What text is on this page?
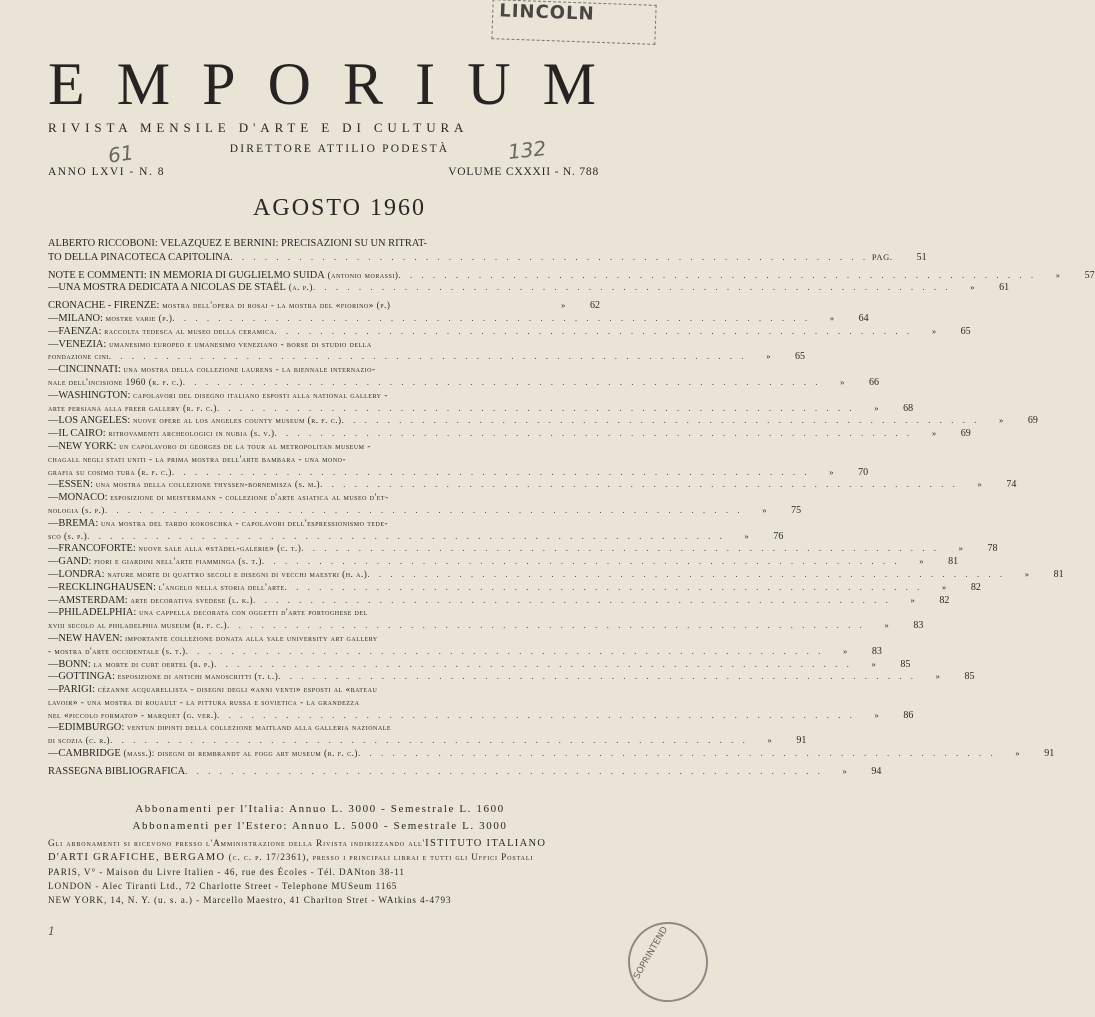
LINCOLN
E M P O R I U M
RIVISTA MENSILE D'ARTE E DI CULTURA
DIRETTORE ATTILIO PODESTÀ
ANNO LXVI - N. 8	VOLUME CXXXII - N. 788
61	132
AGOSTO 1960
ALBERTO RICCOBONI: VELAZQUEZ E BERNINI: PRECISAZIONI SU UN RITRAT-
TO DELLA PINACOTECA CAPITOLINA . . . . . . . . . . . . . . . . . . . . . . . . . . . . . . . . . . . . . . . . . . . . . . . . . . . . . . . . PAG.	51
NOTE E COMMENTI: IN MEMORIA DI GUGLIELMO SUIDA (antonio morassi) . . . . . . . . . . . . . . . . . . . . . . . . . . . . . . . . . . . . . . . . . . . . . . . . . . . . . . . .	»	57
—UNA MOSTRA DEDICATA A NICOLAS DE STAËL (a. p.) . . . . . . . . . . . . . . . . . . . . . . . . . . . . . . . . . . . . . . . . . . . . . . . . . . . . . . . .	»	61
CRONACHE - FIRENZE: mostra dell'opera di rosai - la mostra del «fiorino» (p.)	»	62
—MILANO: mostre varie (p.) . . . . . . . . . . . . . . . . . . . . . . . . . . . . . . . . . . . . . . . . . . . . . . . . . . . . . . . .	»	64
—FAENZA: raccolta tedesca al museo della ceramica . . . . . . . . . . . . . . . . . . . . . . . . . . . . . . . . . . . . . . . . . . . . . . . . . . . . . . . .	»	65
—VENEZIA: umanesimo europeo e umanesimo veneziano - borse di studio della
fondazione cini . . . . . . . . . . . . . . . . . . . . . . . . . . . . . . . . . . . . . . . . . . . . . . . . . . . . . . . .	»	65
—CINCINNATI: una mostra della collezione laurens - la biennale internazio-
nale dell'incisione 1960 (r. f. c.) . . . . . . . . . . . . . . . . . . . . . . . . . . . . . . . . . . . . . . . . . . . . . . . . . . . . . . . .	»	66
—WASHINGTON: capolavori del disegno italiano esposti alla national gallery -
arte persiana alla freer gallery (r. f. c.) . . . . . . . . . . . . . . . . . . . . . . . . . . . . . . . . . . . . . . . . . . . . . . . . . . . . . . . .	»	68
—LOS ANGELES: nuove opere al los angeles county museum (r. f. c.) . . . . . . . . . . . . . . . . . . . . . . . . . . . . . . . . . . . . . . . . . . . . . . . . . . . . . . . .	»	69
—IL CAIRO: ritrovamenti archeologici in nubia (s. v.) . . . . . . . . . . . . . . . . . . . . . . . . . . . . . . . . . . . . . . . . . . . . . . . . . . . . . . . .	»	69
—NEW YORK: un capolavoro di georges de la tour al metropolitan museum -
chagall negli stati uniti - la prima mostra dell'arte bambara - una mono-
grafia su cosimo tura (r. f. c.) . . . . . . . . . . . . . . . . . . . . . . . . . . . . . . . . . . . . . . . . . . . . . . . . . . . . . . . .	»	70
—ESSEN: una mostra della collezione thyssen-bornemisza (s. m.) . . . . . . . . . . . . . . . . . . . . . . . . . . . . . . . . . . . . . . . . . . . . . . . . . . . . . . . .	»	74
—MONACO: esposizione di meistermann - collezione d'arte asiatica al museo d'et-
nologia (s. p.) . . . . . . . . . . . . . . . . . . . . . . . . . . . . . . . . . . . . . . . . . . . . . . . . . . . . . . . .	»	75
—BREMA: una mostra del tardo kokoschka - capolavori dell'espressionismo tede-
sco (s. p.) . . . . . . . . . . . . . . . . . . . . . . . . . . . . . . . . . . . . . . . . . . . . . . . . . . . . . . . .	»	76
—FRANCOFORTE: nuove sale alla «städel-galerie» (c. t.) . . . . . . . . . . . . . . . . . . . . . . . . . . . . . . . . . . . . . . . . . . . . . . . . . . . . . . . .	»	78
—GAND: fiori e giardini nell'arte fiamminga (s. t.) . . . . . . . . . . . . . . . . . . . . . . . . . . . . . . . . . . . . . . . . . . . . . . . . . . . . . . . .	»	81
—LONDRA: nature morte di quattro secoli e disegni di vecchi maestri (h. a.) . . . . . . . . . . . . . . . . . . . . . . . . . . . . . . . . . . . . . . . . . . . . . . . . . . . . . . . .	»	81
—RECKLINGHAUSEN: l'angelo nella storia dell'arte . . . . . . . . . . . . . . . . . . . . . . . . . . . . . . . . . . . . . . . . . . . . . . . . . . . . . . . .	»	82
—AMSTERDAM: arte decorativa svedese (l. k.) . . . . . . . . . . . . . . . . . . . . . . . . . . . . . . . . . . . . . . . . . . . . . . . . . . . . . . . .	»	82
—PHILADELPHIA: una cappella decorata con oggetti d'arte portoghese del
xviii secolo al philadelphia museum (r. f. c.) . . . . . . . . . . . . . . . . . . . . . . . . . . . . . . . . . . . . . . . . . . . . . . . . . . . . . . . .	»	83
—NEW HAVEN: importante collezione donata alla yale university art gallery
- mostra d'arte occidentale (s. t.) . . . . . . . . . . . . . . . . . . . . . . . . . . . . . . . . . . . . . . . . . . . . . . . . . . . . . . . .	»	83
—BONN: la morte di curt oertel (r. p.) . . . . . . . . . . . . . . . . . . . . . . . . . . . . . . . . . . . . . . . . . . . . . . . . . . . . . . . .	»	85
—GOTTINGA: esposizione di antichi manoscritti (t. l.) . . . . . . . . . . . . . . . . . . . . . . . . . . . . . . . . . . . . . . . . . . . . . . . . . . . . . . . .	»	85
—PARIGI: cézanne acquarellista - disegni degli «anni venti» esposti al «bateau
lavoir» - una mostra di rouault - la pittura russa e sovietica - la grandezza
nel «piccolo formato» - marquet (g. ver.) . . . . . . . . . . . . . . . . . . . . . . . . . . . . . . . . . . . . . . . . . . . . . . . . . . . . . . . .	»	86
—EDIMBURGO: ventun dipinti della collezione maitland alla galleria nazionale
di scozia (c. r.) . . . . . . . . . . . . . . . . . . . . . . . . . . . . . . . . . . . . . . . . . . . . . . . . . . . . . . . .	»	91
—CAMBRIDGE (mass.): disegni di rembrandt al fogg art museum (r. f. c.) . . . . . . . . . . . . . . . . . . . . . . . . . . . . . . . . . . . . . . . . . . . . . . . . . . . . . . . .	»	91
RASSEGNA BIBLIOGRAFICA . . . . . . . . . . . . . . . . . . . . . . . . . . . . . . . . . . . . . . . . . . . . . . . . . . . . . . . .	»	94
Abbonamenti per l'Italia: Annuo L. 3000 - Semestrale L. 1600
Abbonamenti per l'Estero: Annuo L. 5000 - Semestrale L. 3000
Gli abbonamenti si ricevono presso l'Amministrazione della Rivista indirizzando all'ISTITUTO ITALIANO
D'ARTI GRAFICHE, BERGAMO (c. c. p. 17/2361), presso i principali librai e tutti gli Uffici Postali
PARIS, V° - Maison du Livre Italien - 46, rue des Écoles - Tél. DANton 38-11
LONDON - Alec Tiranti Ltd., 72 Charlotte Street - Telephone MUSeum 1165
NEW YORK, 14, N. Y. (u. s. a.) - Marcello Maestro, 41 Charlton Stret - WAtkins 4-4793
1	SOPRINTEND
